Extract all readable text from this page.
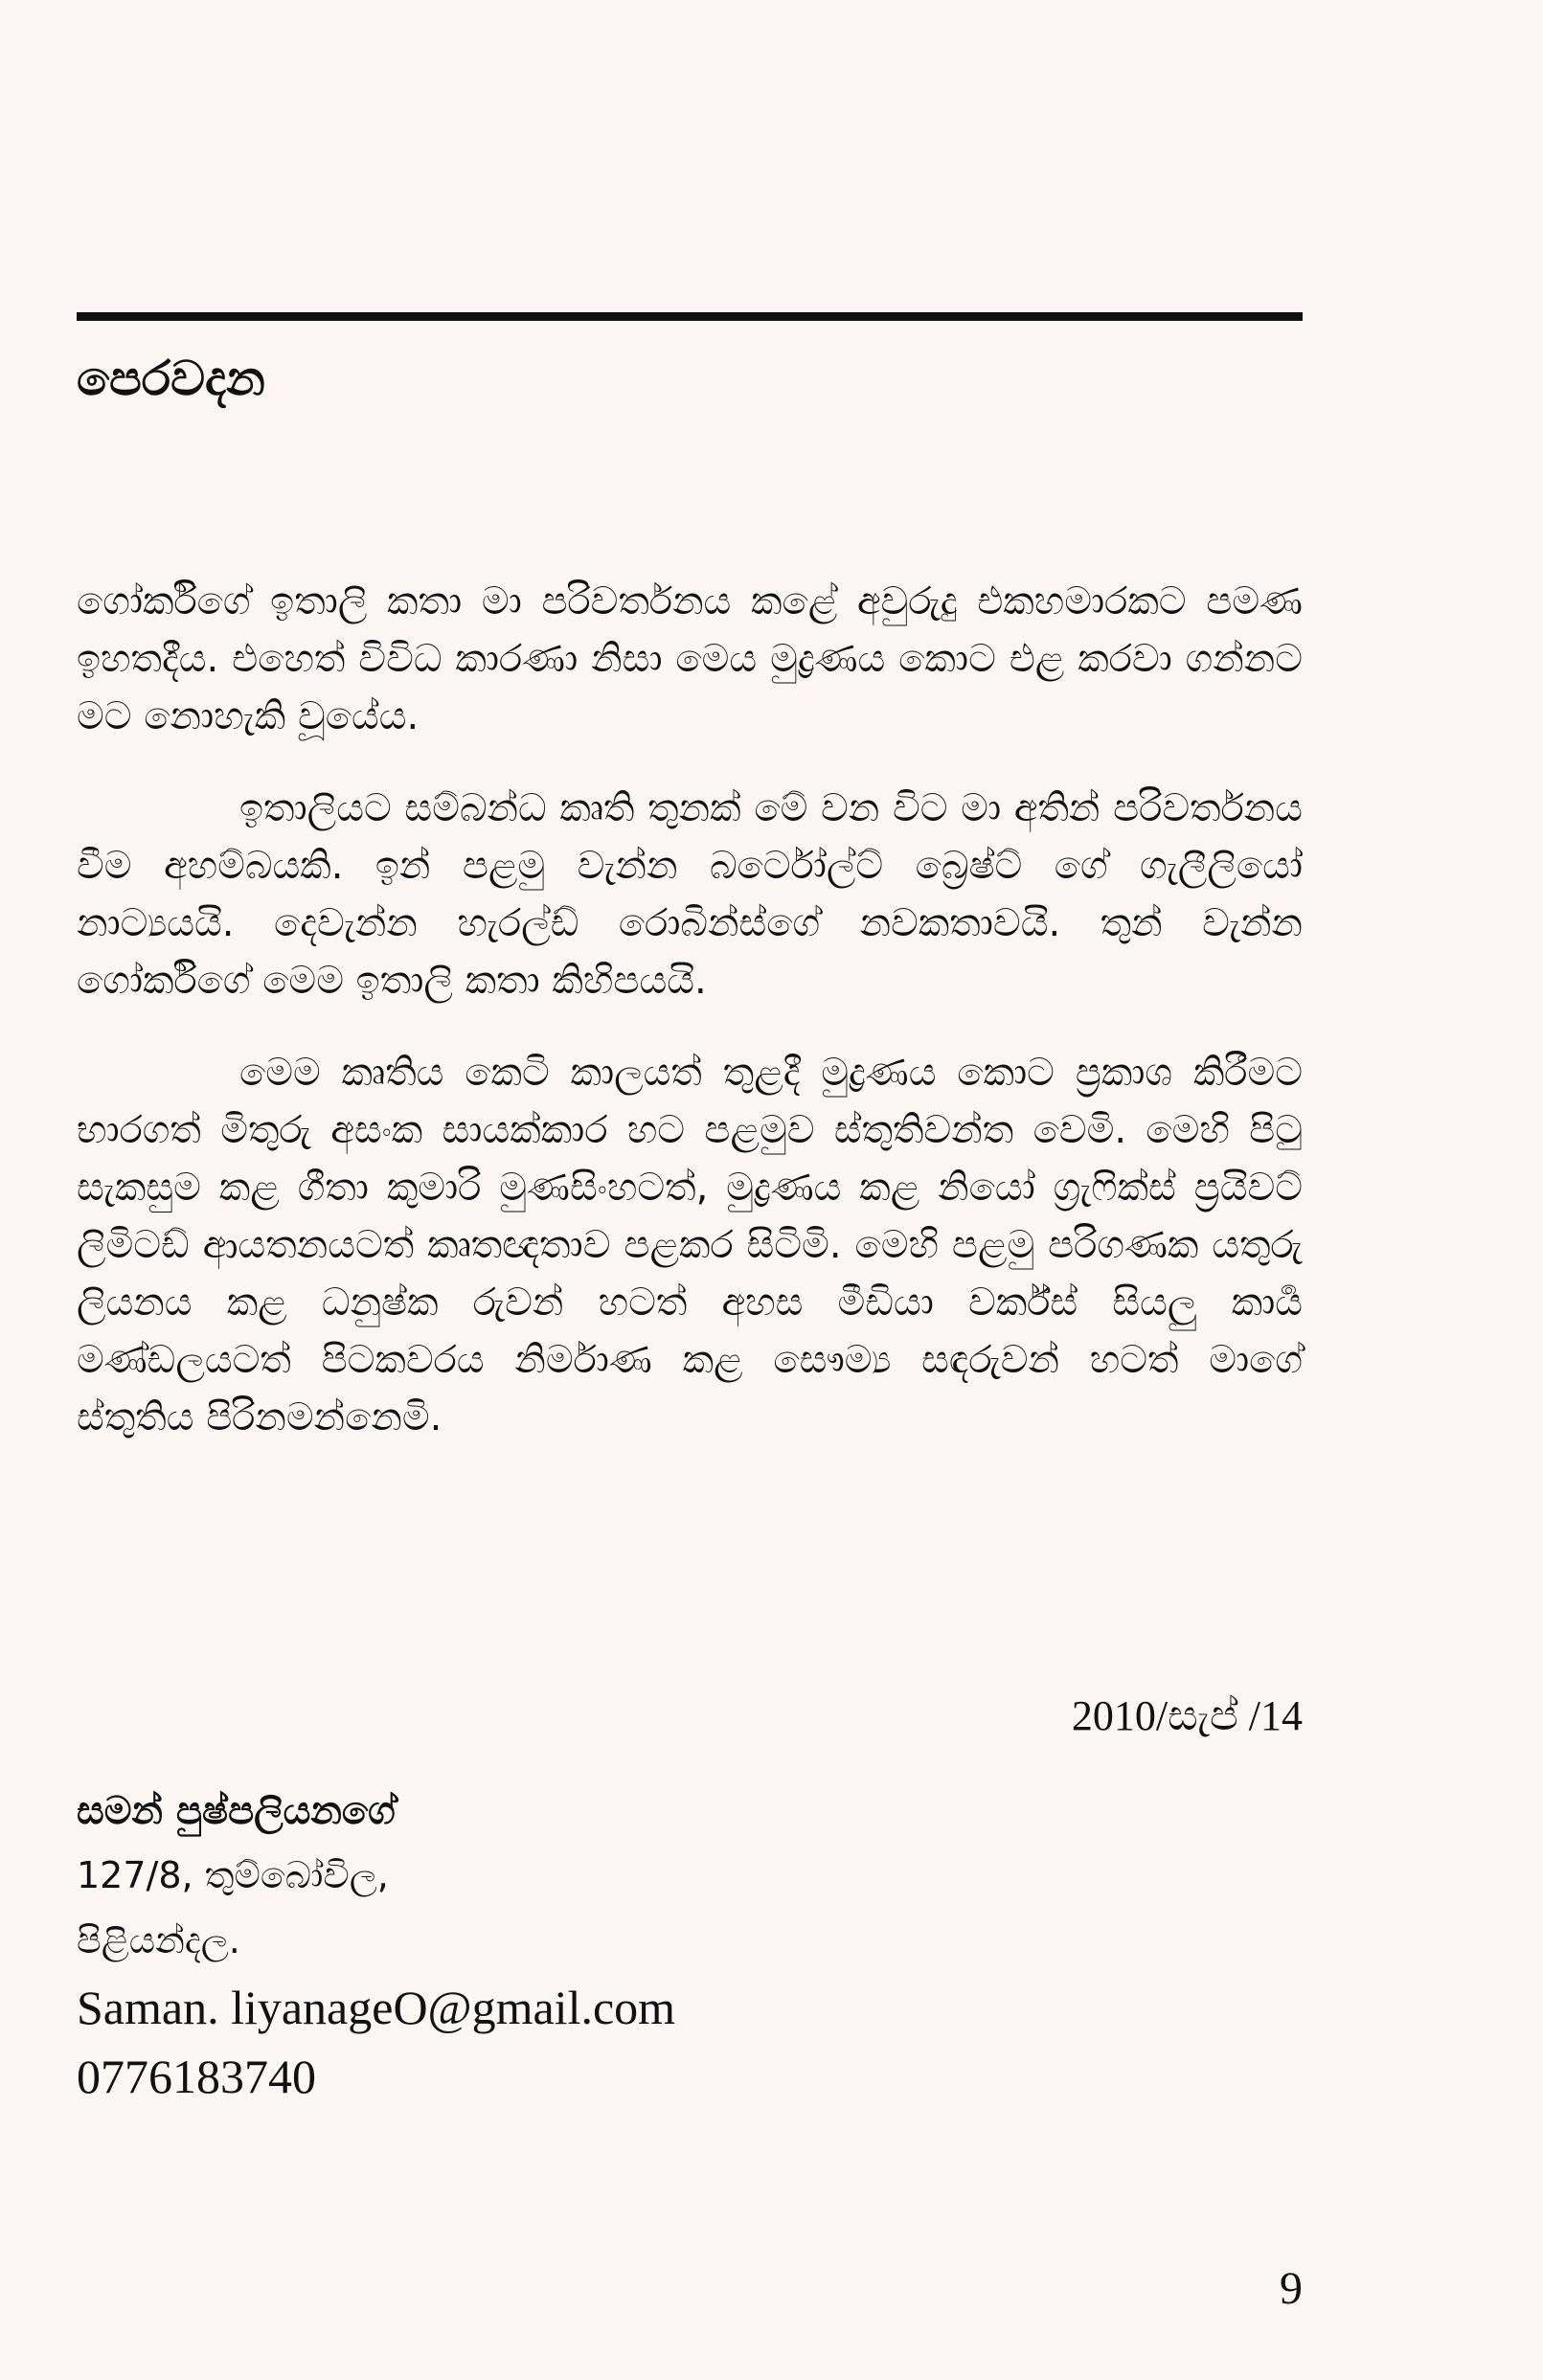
පෙරවදන

ගෝර්කිගේ ඉතාලි කතා මා පරිවර්තනය කළේ අවුරුදු එකහමාරකට පමණ ඉහතදීය. එහෙත් විවිධ කාරණා නිසා මෙය මුද්‍රණය කොට එළ කරවා ගන්නට මට නොහැකි වූයේය.

ඉතාලියට සම්බන්ධ කෘති තුනක් මේ වන විට මා අතින් පරිවර්තනය වීම අහම්බයකි. ඉන් පළමු වැන්න බර්ටෝල්ට් බ්‍රෙෂ්ට් ගේ ගැලීලියෝ නාට්‍යයයි. දෙවැන්න හැරල්ඩ් රොබින්ස්ගේ නවකතාවයි. තුන් වැන්න ගෝර්කිගේ මෙම ඉතාලි කතා කිහිපයයි.

මෙම කෘතිය කෙටි කාලයත් තුළදී මුද්‍රණය කොට ප්‍රකාශ කිරීමට භාරගත් මිතුරු අසංක සායක්කාර හට පළමුව ස්තුතිවන්ත වෙමි. මෙහි පිටු සැකසුම කළ ගීතා කුමාරි මුණසිංහටත්, මුද්‍රණය කළ නියෝ ග්‍රැෆික්ස් ප්‍රයිවට් ලිමිටඩ් ආයතනයටත් කෘතඥතාව පළකර සිටිමි. මෙහි පළමු පරිගණක යතුරු ලියනය කළ ධනුෂ්ක රුවන් හටත් අහස මීඩියා වර්ක්ස් සියලු කාර්‍ය මණ්ඩලයටත් පිටකවරය නිර්මාණ කළ සෞම්‍ය සඳරුවන් හටත් මාගේ ස්තුතිය පිරිනමන්නෙමි.

2010/සැප් /14
සමන් පුෂ්පලියනගේ
127/8, තුම්බෝවිල,
පිළියන්දල.
Saman. liyanageO@gmail.com
0776183740
9
